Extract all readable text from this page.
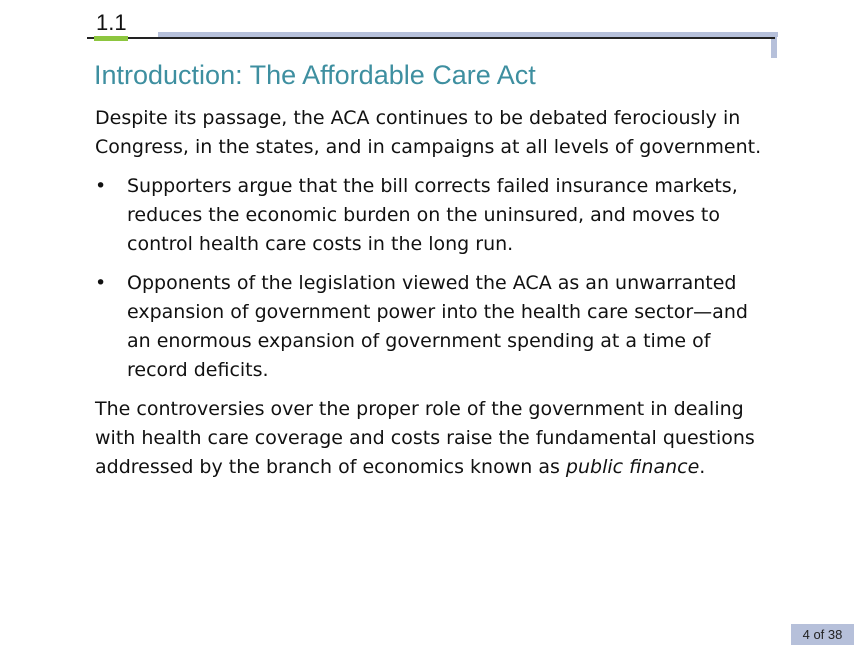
1.1
Introduction: The Affordable Care Act

Despite its passage, the ACA continues to be debated ferociously in Congress, in the states, and in campaigns at all levels of government.

• Supporters argue that the bill corrects failed insurance markets, reduces the economic burden on the uninsured, and moves to control health care costs in the long run.
• Opponents of the legislation viewed the ACA as an unwarranted expansion of government power into the health care sector—and an enormous expansion of government spending at a time of record deficits.

The controversies over the proper role of the government in dealing with health care coverage and costs raise the fundamental questions addressed by the branch of economics known as public finance.

4 of 38
